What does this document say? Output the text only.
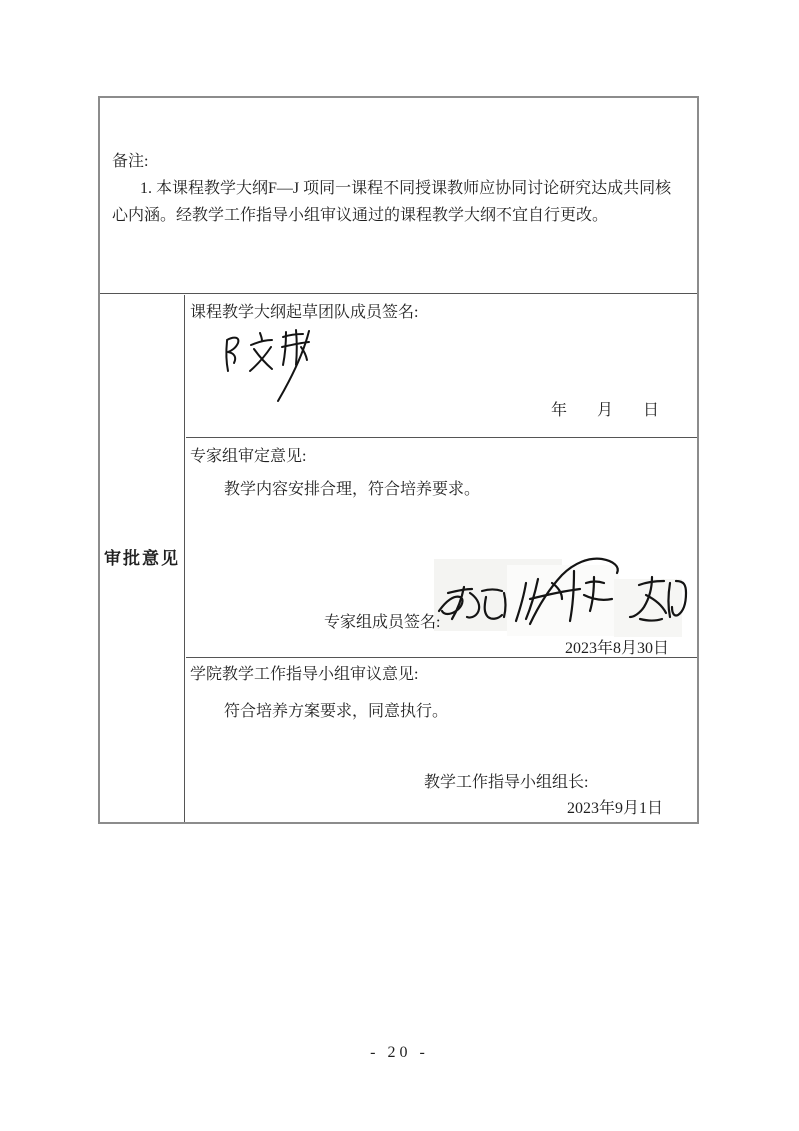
备注:
1. 本课程教学大纲F—J 项同一课程不同授课教师应协同讨论研究达成共同核
心内涵。经教学工作指导小组审议通过的课程教学大纲不宜自行更改。
审批意见
课程教学大纲起草团队成员签名:
年 月 日
专家组审定意见:
教学内容安排合理，符合培养要求。
专家组成员签名:
2023年8月30日
学院教学工作指导小组审议意见:
符合培养方案要求，同意执行。
教学工作指导小组组长:
2023年9月1日
- 20 -
